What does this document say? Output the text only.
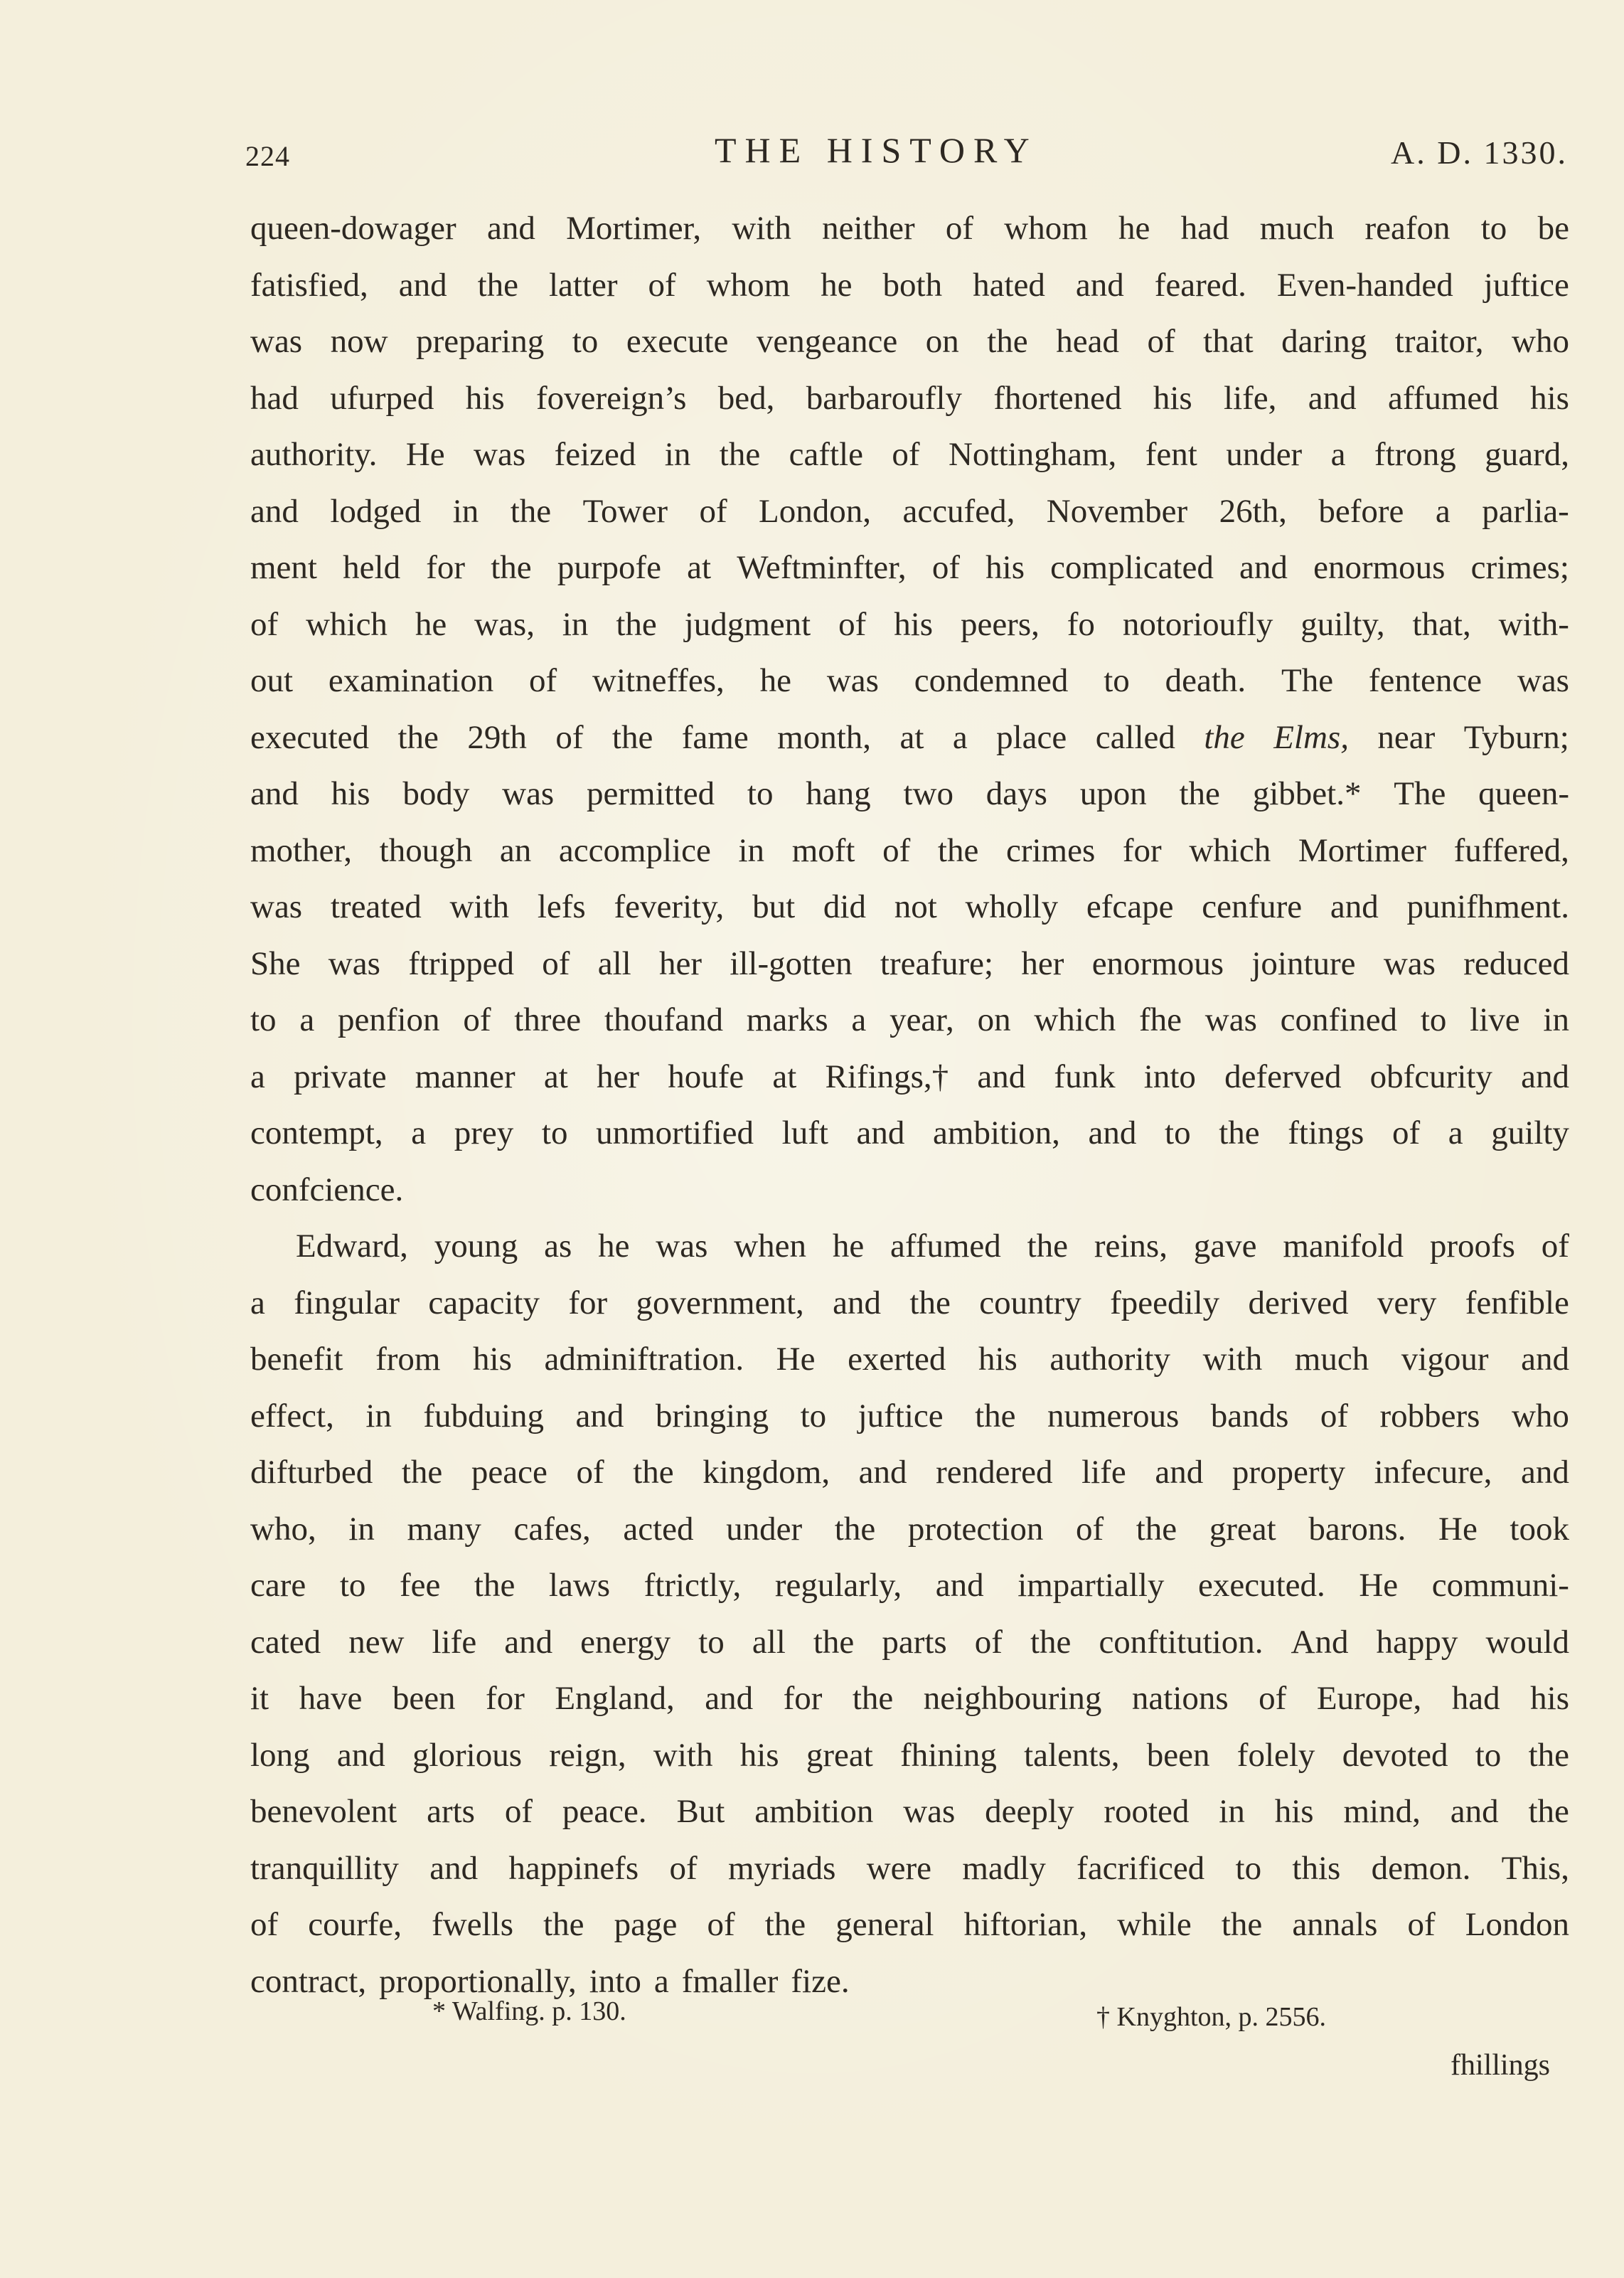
224	THE HISTORY	A. D. 1330.
queen-dowager and Mortimer, with neither of whom he had much reafon to be
fatisfied, and the latter of whom he both hated and feared. Even-handed juftice
was now preparing to execute vengeance on the head of that daring traitor, who
had ufurped his fovereign’s bed, barbaroufly fhortened his life, and affumed his
authority. He was feized in the caftle of Nottingham, fent under a ftrong guard,
and lodged in the Tower of London, accufed, November 26th, before a parlia-
ment held for the purpofe at Weftminfter, of his complicated and enormous crimes;
of which he was, in the judgment of his peers, fo notorioufly guilty, that, with-
out examination of witneffes, he was condemned to death. The fentence was
executed the 29th of the fame month, at a place called the Elms, near Tyburn;
and his body was permitted to hang two days upon the gibbet.* The queen-
mother, though an accomplice in moft of the crimes for which Mortimer fuffered,
was treated with lefs feverity, but did not wholly efcape cenfure and punifhment.
She was ftripped of all her ill-gotten treafure; her enormous jointure was reduced
to a penfion of three thoufand marks a year, on which fhe was confined to live in
a private manner at her houfe at Rifings,† and funk into deferved obfcurity and
contempt, a prey to unmortified luft and ambition, and to the ftings of a guilty
confcience.
Edward, young as he was when he affumed the reins, gave manifold proofs of
a fingular capacity for government, and the country fpeedily derived very fenfible
benefit from his adminiftration. He exerted his authority with much vigour and
effect, in fubduing and bringing to juftice the numerous bands of robbers who
difturbed the peace of the kingdom, and rendered life and property infecure, and
who, in many cafes, acted under the protection of the great barons. He took
care to fee the laws ftrictly, regularly, and impartially executed. He communi-
cated new life and energy to all the parts of the conftitution. And happy would
it have been for England, and for the neighbouring nations of Europe, had his
long and glorious reign, with his great fhining talents, been folely devoted to the
benevolent arts of peace. But ambition was deeply rooted in his mind, and the
tranquillity and happinefs of myriads were madly facrificed to this demon. This,
of courfe, fwells the page of the general hiftorian, while the annals of London
contract, proportionally, into a fmaller fize.
* Walfing. p. 130.	† Knyghton, p. 2556.
fhillings
